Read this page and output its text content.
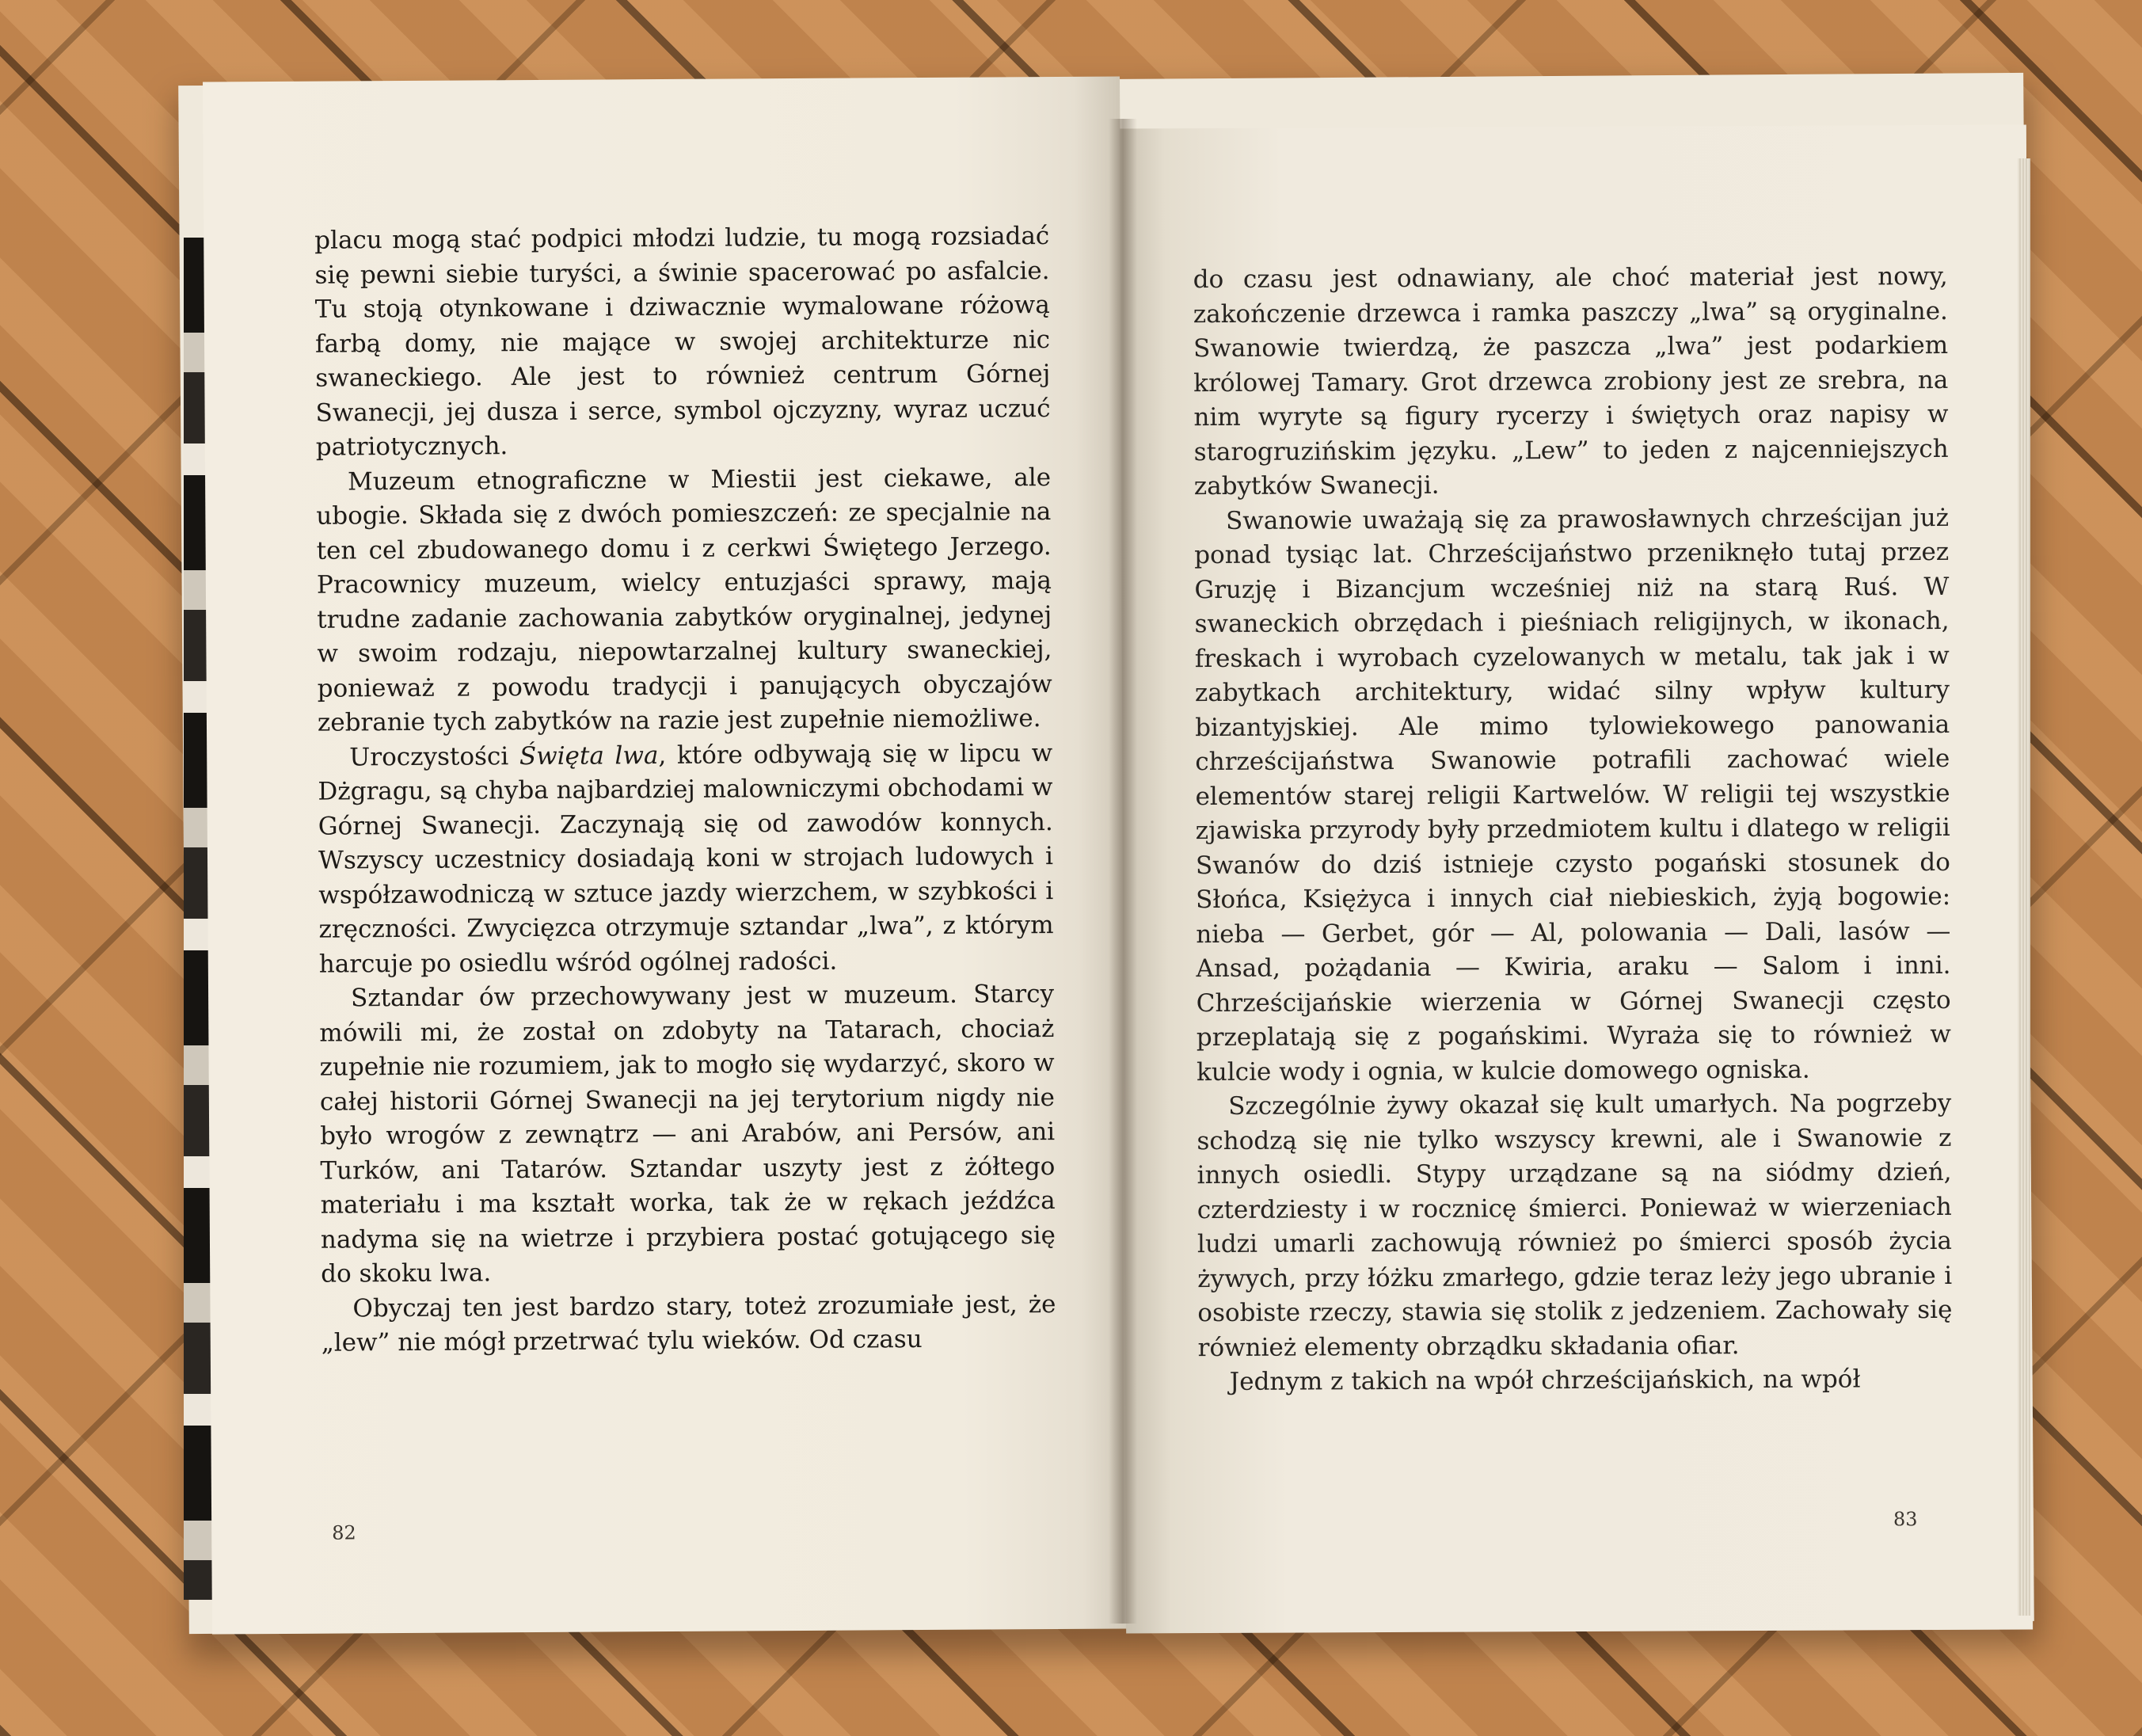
placu mogą stać podpici młodzi ludzie, tu mogą rozsiadać się pewni siebie turyści, a świnie spacerować po asfalcie. Tu stoją otynkowane i dziwacznie wymalowane różową farbą domy, nie mające w swojej architekturze nic swaneckiego. Ale jest to również centrum Górnej Swanecji, jej dusza i serce, symbol ojczyzny, wyraz uczuć patriotycznych.

Muzeum etnograficzne w Miestii jest ciekawe, ale ubogie. Składa się z dwóch pomieszczeń: ze specjalnie na ten cel zbudowanego domu i z cerkwi Świętego Jerzego. Pracownicy muzeum, wielcy entuzjaści sprawy, mają trudne zadanie zachowania zabytków oryginalnej, jedynej w swoim rodzaju, niepowtarzalnej kultury swaneckiej, ponieważ z powodu tradycji i panujących obyczajów zebranie tych zabytków na razie jest zupełnie niemożliwe.

Uroczystości Święta lwa, które odbywają się w lipcu w Dżgragu, są chyba najbardziej malowniczymi obchodami w Górnej Swanecji. Zaczynają się od zawodów konnych. Wszyscy uczestnicy dosiadają koni w strojach ludowych i współzawodniczą w sztuce jazdy wierzchem, w szybkości i zręczności. Zwycięzca otrzymuje sztandar „lwa”, z którym harcuje po osiedlu wśród ogólnej radości.

Sztandar ów przechowywany jest w muzeum. Starcy mówili mi, że został on zdobyty na Tatarach, chociaż zupełnie nie rozumiem, jak to mogło się wydarzyć, skoro w całej historii Górnej Swanecji na jej terytorium nigdy nie było wrogów z zewnątrz — ani Arabów, ani Persów, ani Turków, ani Tatarów. Sztandar uszyty jest z żółtego materiału i ma kształt worka, tak że w rękach jeźdźca nadyma się na wietrze i przybiera postać gotującego się do skoku lwa.

Obyczaj ten jest bardzo stary, toteż zrozumiałe jest, że „lew” nie mógł przetrwać tylu wieków. Od czasu

82

do czasu jest odnawiany, ale choć materiał jest nowy, zakończenie drzewca i ramka paszczy „lwa” są oryginalne. Swanowie twierdzą, że paszcza „lwa” jest podarkiem królowej Tamary. Grot drzewca zrobiony jest ze srebra, na nim wyryte są figury rycerzy i świętych oraz napisy w starogruzińskim języku. „Lew” to jeden z najcenniejszych zabytków Swanecji.

Swanowie uważają się za prawosławnych chrześcijan już ponad tysiąc lat. Chrześcijaństwo przeniknęło tutaj przez Gruzję i Bizancjum wcześniej niż na starą Ruś. W swaneckich obrzędach i pieśniach religijnych, w ikonach, freskach i wyrobach cyzelowanych w metalu, tak jak i w zabytkach architektury, widać silny wpływ kultury bizantyjskiej. Ale mimo tylowiekowego panowania chrześcijaństwa Swanowie potrafili zachować wiele elementów starej religii Kartwelów. W religii tej wszystkie zjawiska przyrody były przedmiotem kultu i dlatego w religii Swanów do dziś istnieje czysto pogański stosunek do Słońca, Księżyca i innych ciał niebieskich, żyją bogowie: nieba — Gerbet, gór — Al, polowania — Dali, lasów — Ansad, pożądania — Kwiria, araku — Salom i inni. Chrześcijańskie wierzenia w Górnej Swanecji często przeplatają się z pogańskimi. Wyraża się to również w kulcie wody i ognia, w kulcie domowego ogniska.

Szczególnie żywy okazał się kult umarłych. Na pogrzeby schodzą się nie tylko wszyscy krewni, ale i Swanowie z innych osiedli. Stypy urządzane są na siódmy dzień, czterdziesty i w rocznicę śmierci. Ponieważ w wierzeniach ludzi umarli zachowują również po śmierci sposób życia żywych, przy łóżku zmarłego, gdzie teraz leży jego ubranie i osobiste rzeczy, stawia się stolik z jedzeniem. Zachowały się również elementy obrządku składania ofiar.

Jednym z takich na wpół chrześcijańskich, na wpół

83
